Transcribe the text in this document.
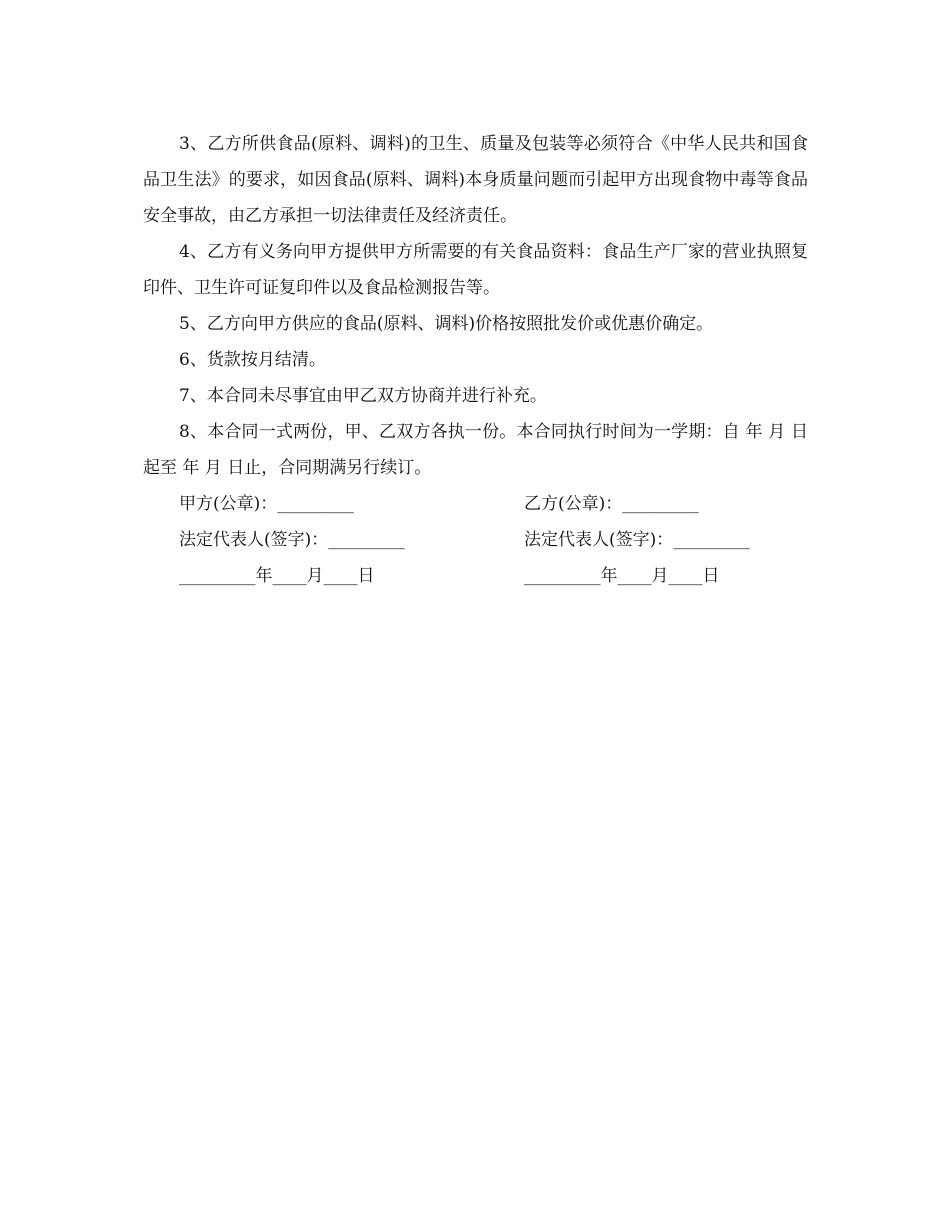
3、乙方所供食品(原料、调料)的卫生、质量及包装等必须符合《中华人民共和国食品卫生法》的要求，如因食品(原料、调料)本身质量问题而引起甲方出现食物中毒等食品安全事故，由乙方承担一切法律责任及经济责任。

4、乙方有义务向甲方提供甲方所需要的有关食品资料：食品生产厂家的营业执照复印件、卫生许可证复印件以及食品检测报告等。

5、乙方向甲方供应的食品(原料、调料)价格按照批发价或优惠价确定。

6、货款按月结清。

7、本合同未尽事宜由甲乙双方协商并进行补充。

8、本合同一式两份，甲、乙双方各执一份。本合同执行时间为一学期：自 年 月 日起至 年 月 日止，合同期满另行续订。

甲方(公章)：_________	乙方(公章)：_________
法定代表人(签字)：_________	法定代表人(签字)：_________
_________年____月____日	_________年____月____日
